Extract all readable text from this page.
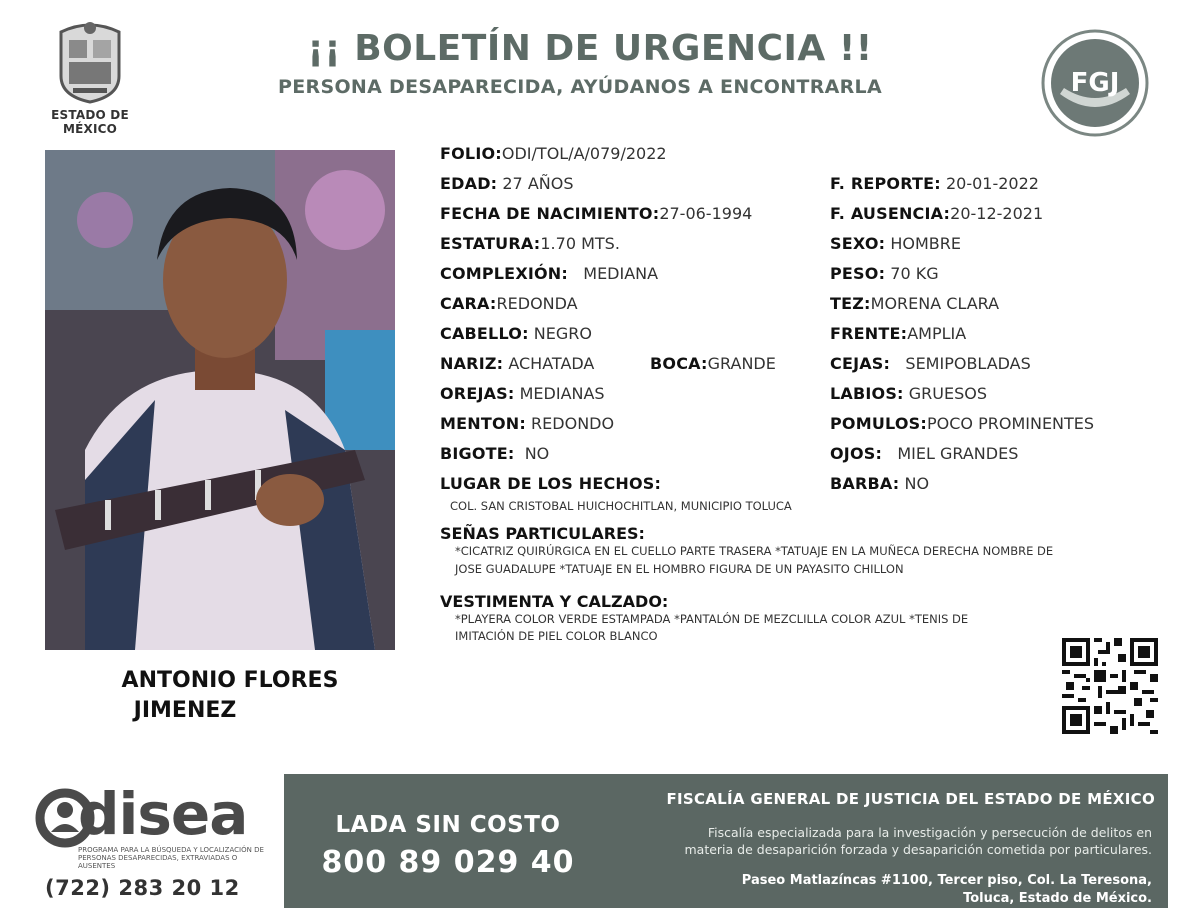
ESTADO DE MÉXICO
¡¡ BOLETÍN DE URGENCIA !!
PERSONA DESAPARECIDA, AYÚDANOS A ENCONTRARLA	FGJ
ANTONIO FLORES
JIMENEZ
FOLIO:ODI/TOL/A/079/2022
EDAD: 27 AÑOS	F. REPORTE: 20-01-2022
FECHA DE NACIMIENTO:27-06-1994	F. AUSENCIA:20-12-2021
ESTATURA:1.70 MTS.	SEXO: HOMBRE
COMPLEXIÓN: MEDIANA	PESO: 70 KG
CARA:REDONDA	TEZ:MORENA CLARA
CABELLO: NEGRO	FRENTE:AMPLIA
NARIZ: ACHATADA	BOCA:GRANDE	CEJAS: SEMIPOBLADAS
OREJAS: MEDIANAS	LABIOS: GRUESOS
MENTON: REDONDO	POMULOS:POCO PROMINENTES
BIGOTE: NO	OJOS: MIEL GRANDES
LUGAR DE LOS HECHOS:	BARBA: NO
COL. SAN CRISTOBAL HUICHOCHITLAN, MUNICIPIO TOLUCA
SEÑAS PARTICULARES:
*CICATRIZ QUIRÚRGICA EN EL CUELLO PARTE TRASERA *TATUAJE EN LA MUÑECA DERECHA NOMBRE DE
JOSE GUADALUPE *TATUAJE EN EL HOMBRO FIGURA DE UN PAYASITO CHILLON
VESTIMENTA Y CALZADO:
*PLAYERA COLOR VERDE ESTAMPADA *PANTALÓN DE MEZCLILLA COLOR AZUL *TENIS DE
IMITACIÓN DE PIEL COLOR BLANCO
disea
PROGRAMA PARA LA BÚSQUEDA Y LOCALIZACIÓN DE PERSONAS DESAPARECIDAS, EXTRAVIADAS O AUSENTES
(722) 283 20 12
LADA SIN COSTO
800 89 029 40
FISCALÍA GENERAL DE JUSTICIA DEL ESTADO DE MÉXICO
Fiscalía especializada para la investigación y persecución de delitos en
materia de desaparición forzada y desaparición cometida por particulares.
Paseo Matlazíncas #1100, Tercer piso, Col. La Teresona,
Toluca, Estado de México.
